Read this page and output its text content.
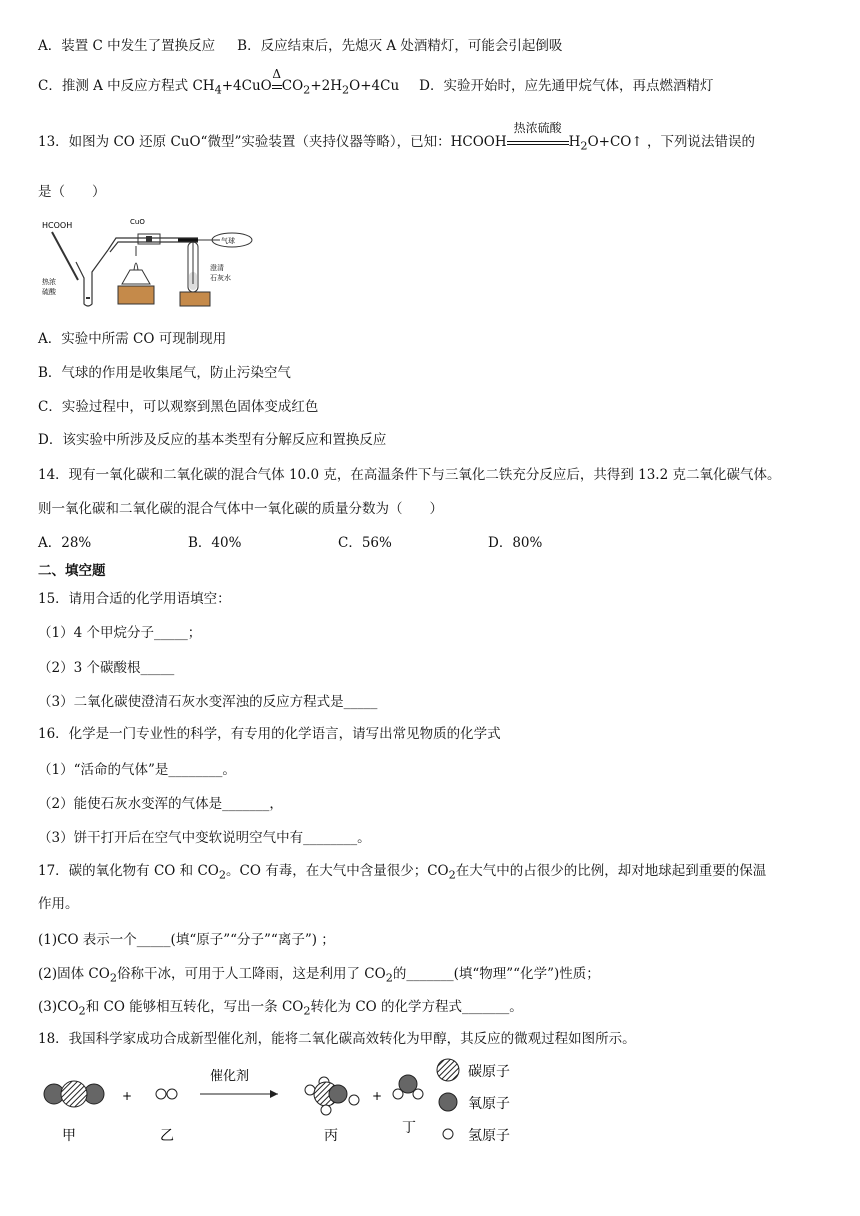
A．装置 C 中发生了置换反应 B．反应结束后，先熄灭 A 处酒精灯，可能会引起倒吸
C．推测 A 中反应方程式 $CH_4+4CuO$
Δ
$CO_2+2H_2O+4Cu$ D．实验开始时，应先通甲烷气体，再点燃酒精灯
13．如图为 CO 还原 CuO“微型”实验装置（夹持仪器等略），已知：HCOOH
热浓硫酸
$H_2O+CO↑$ ，下列说法错误的
是（　　）
HCOOH	CuO
气球
澄清
石灰水
热浓
硫酸
A．实验中所需 CO 可现制现用
B．气球的作用是收集尾气，防止污染空气
C．实验过程中，可以观察到黑色固体变成红色
D．该实验中所涉及反应的基本类型有分解反应和置换反应
14．现有一氧化碳和二氧化碳的混合气体 10.0 克，在高温条件下与三氧化二铁充分反应后，共得到 13.2 克二氧化碳气体。
则一氧化碳和二氧化碳的混合气体中一氧化碳的质量分数为（　　）
A．28%	B．40%	C．56%	D．80%
二、填空题
15．请用合适的化学用语填空：
（1）4 个甲烷分子_____；
（2）3 个碳酸根_____
（3）二氧化碳使澄清石灰水变浑浊的反应方程式是_____
16．化学是一门专业性的科学，有专用的化学语言，请写出常见物质的化学式
（1）“活命的气体”是________。
（2）能使石灰水变浑的气体是_______，
（3）饼干打开后在空气中变软说明空气中有________。
17．碳的氧化物有 CO 和 $CO_2$。CO 有毒，在大气中含量很少；$CO_2$在大气中的占很少的比例，却对地球起到重要的保温
作用。
(1)CO 表示一个_____(填“原子”“分子”“离子”) ；
(2)固体 $CO_2$俗称干冰，可用于人工降雨，这是利用了 $CO_2$的_______(填“物理”“化学”)性质；
$(3)CO_2$和 CO 能够相互转化，写出一条 $CO_2$转化为 CO 的化学方程式_______。
18．我国科学家成功合成新型催化剂，能将二氧化碳高效转化为甲醇，其反应的微观过程如图所示。
甲
+
乙
催化剂
丙
+
丁
碳原子
氧原子
氢原子
